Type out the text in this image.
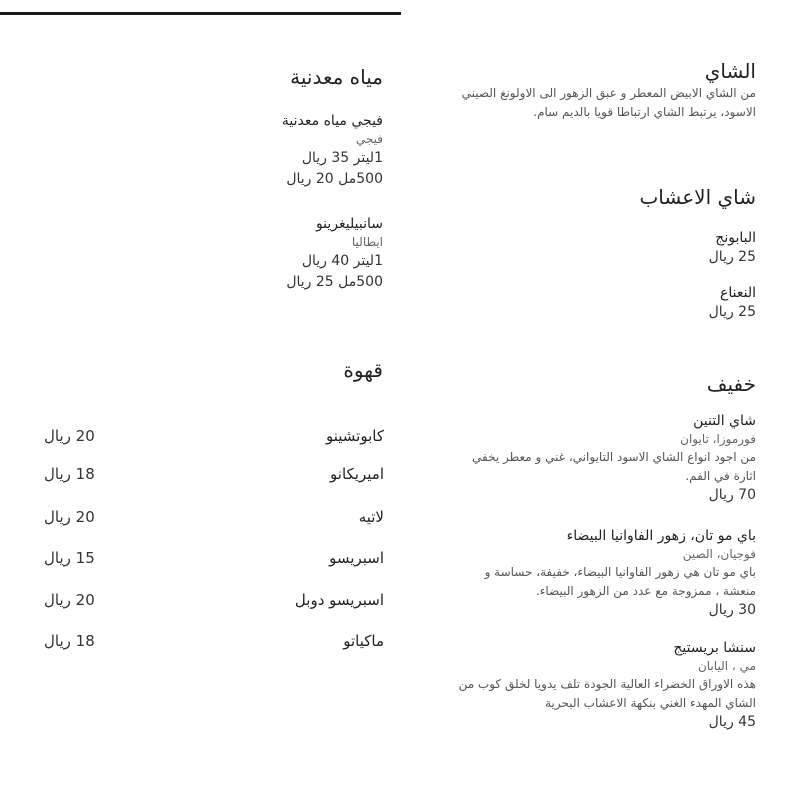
مياه معدنية
فيجي مياه معدنية
فيجي
1ليتر 35 ريال
500مل 20 ريال
سانبيليغرينو
ايطاليا
1ليتر 40 ريال
500مل 25 ريال
قهوة
كابوتشينو
20 ريال
اميريكانو
18 ريال
لاتيه
20 ريال
اسبريسو
15 ريال
اسبريسو دوبل
20 ريال
ماكياتو
18 ريال
الشاي
من الشاي الابيض المعطر و عبق الزهور الى الاولونغ الصيني
الاسود، يرتبط الشاي ارتباطا قويا بالديم سام.
شاي الاعشاب
البابونج
25 ريال
النعناع
25 ريال
خفيف
شاي التنين
فورموزا، تايوان
من اجود انواع الشاي الاسود التايواني، غني و معطر يخفي
اثارة في الفم.
70 ريال
باي مو تان، زهور الفاوانيا البيضاء
فوجيان، الصين
باي مو تان هي زهور الفاوانيا البيضاء، خفيفة، حساسة و
منعشة ، ممزوجة مع عدد من الزهور البيضاء.
30 ريال
سنشا بريستيج
مي ، اليابان
هذه الاوراق الخضراء العالية الجودة تلف يدويا لخلق كوب من
الشاي المهدء الغني بنكهة الاعشاب البحرية
45 ريال
